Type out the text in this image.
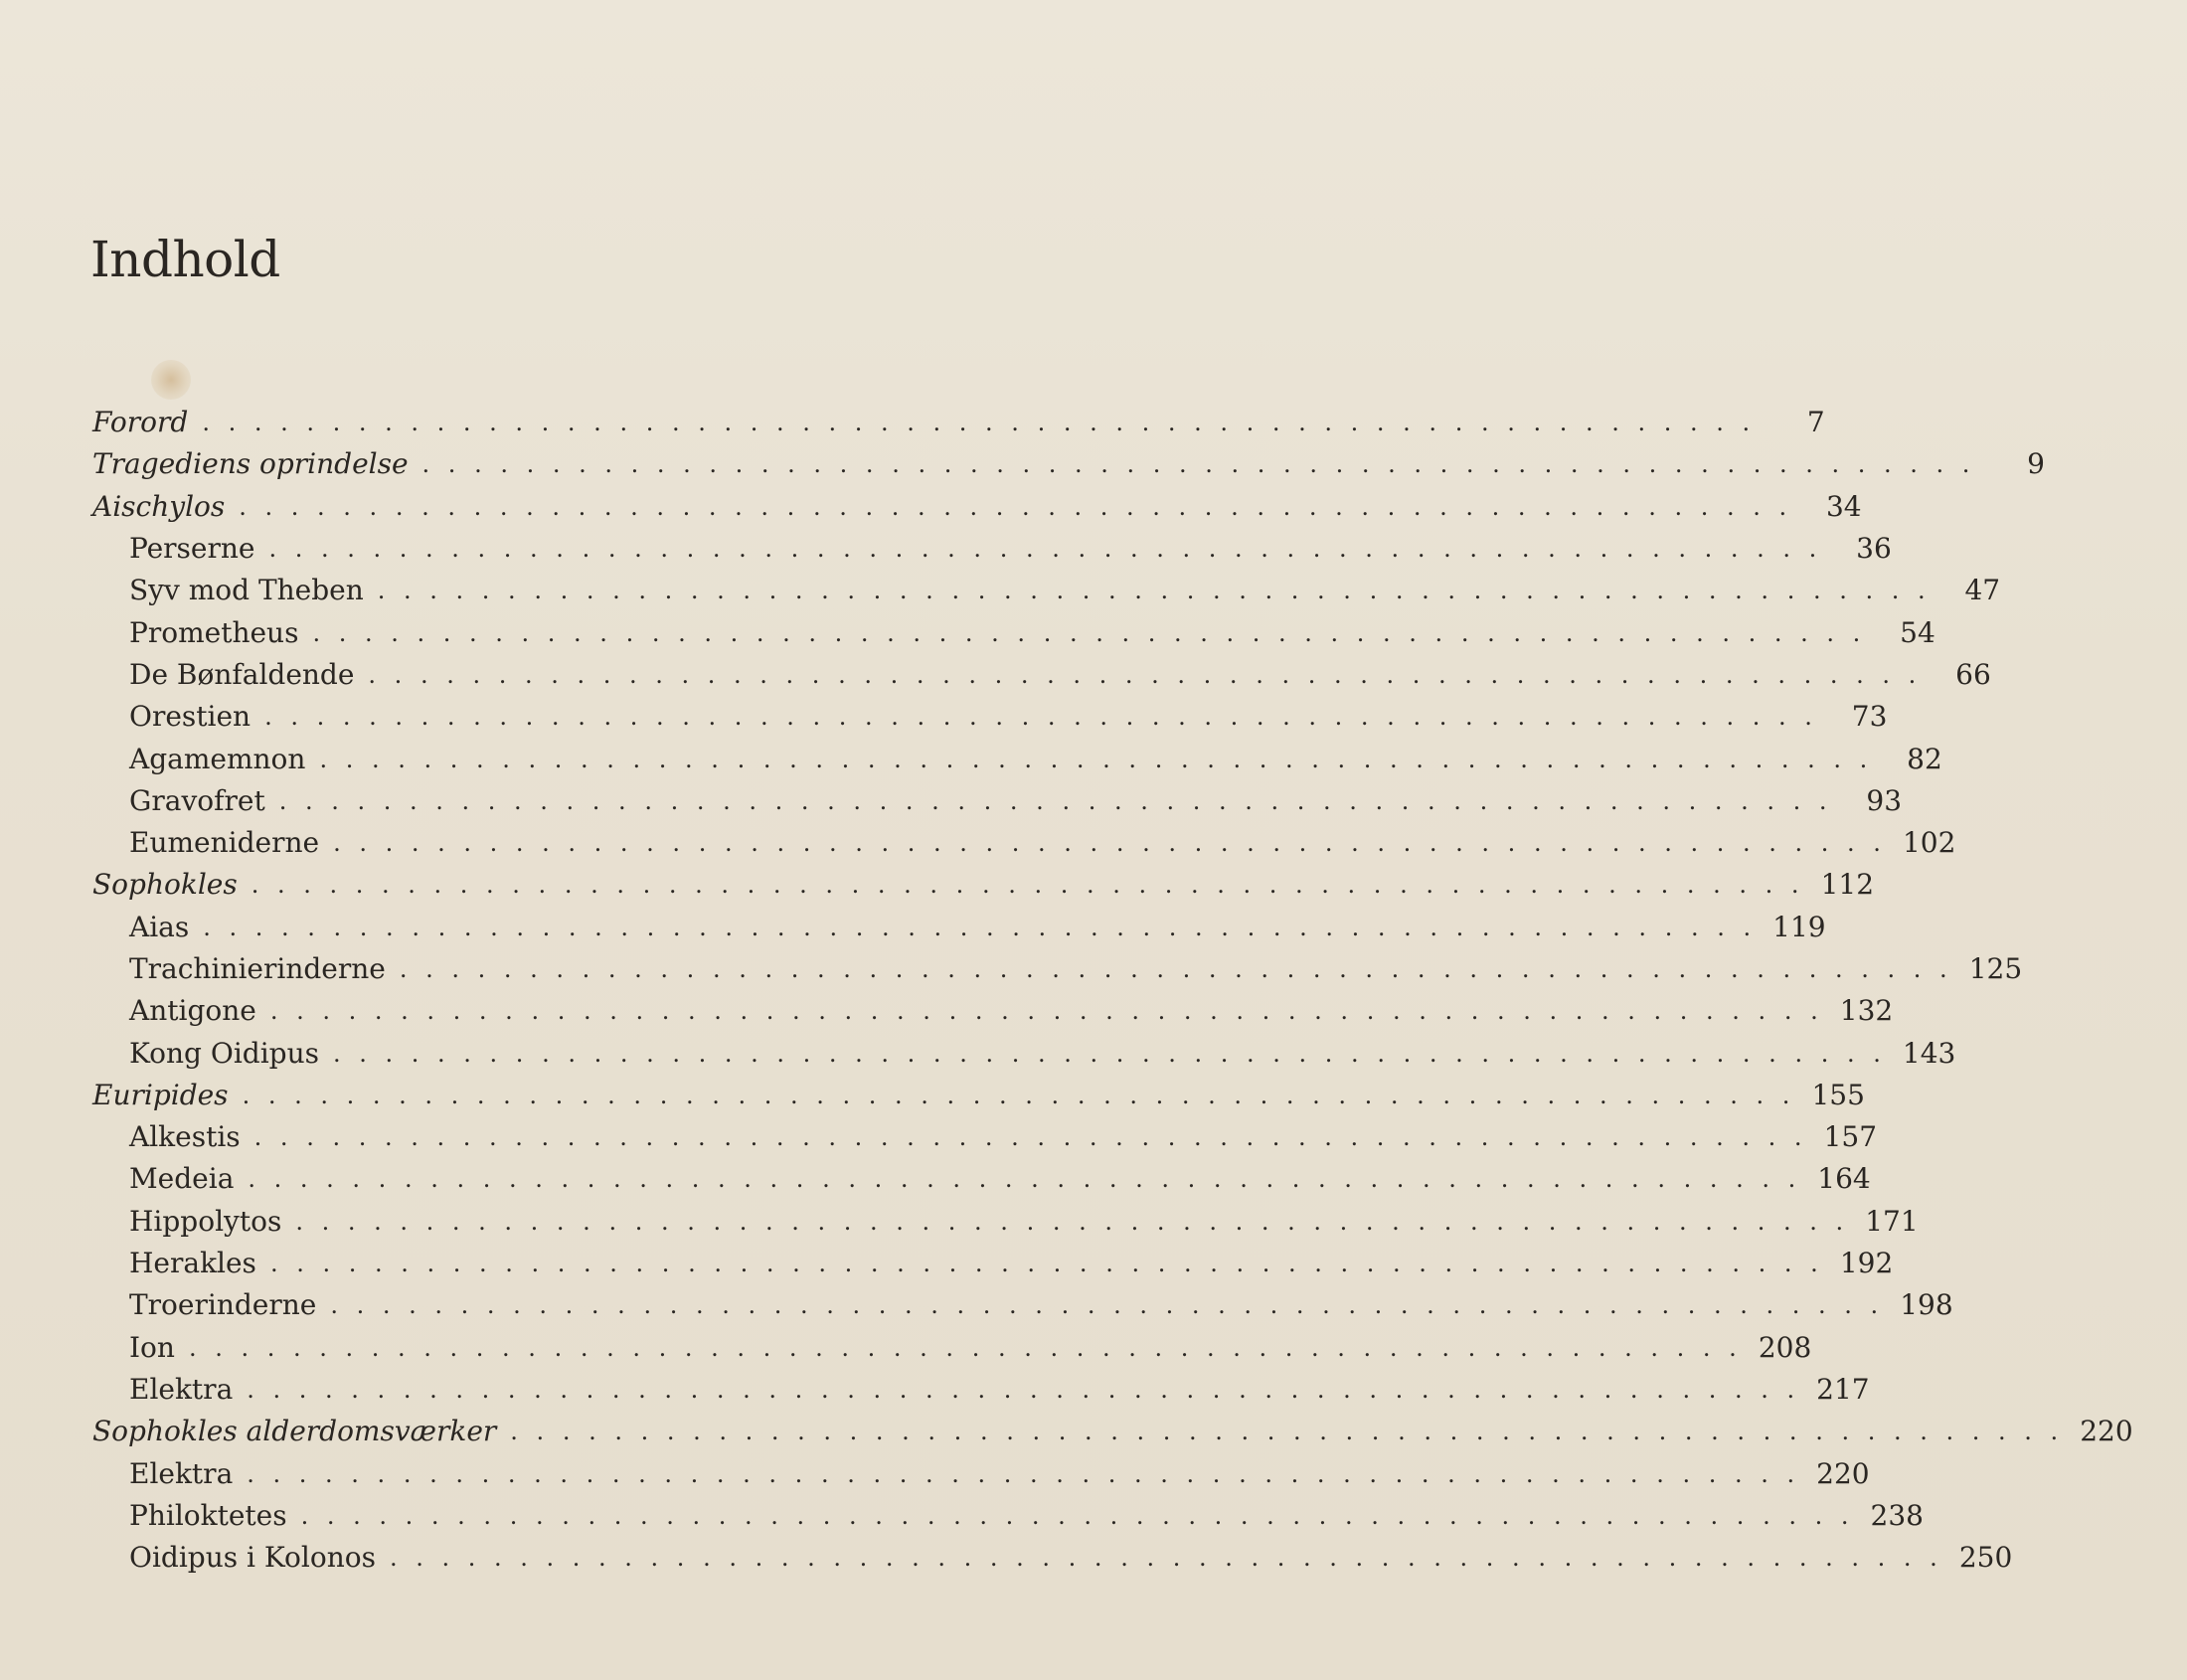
Indhold
Forord . . . . . . . . . . . . . . . . . . . . . . . . . . . . . . . . . . . . . . . . . . . . . . . . . . . . . . . . . . . .	7
Tragediens oprindelse . . . . . . . . . . . . . . . . . . . . . . . . . . . . . . . . . . . . . . . . . . . . . . . . . . . . . . . . . . . .	9
Aischylos . . . . . . . . . . . . . . . . . . . . . . . . . . . . . . . . . . . . . . . . . . . . . . . . . . . . . . . . . . . .	34
Perserne . . . . . . . . . . . . . . . . . . . . . . . . . . . . . . . . . . . . . . . . . . . . . . . . . . . . . . . . . . . .	36
Syv mod Theben . . . . . . . . . . . . . . . . . . . . . . . . . . . . . . . . . . . . . . . . . . . . . . . . . . . . . . . . . . . .	47
Prometheus . . . . . . . . . . . . . . . . . . . . . . . . . . . . . . . . . . . . . . . . . . . . . . . . . . . . . . . . . . . .	54
De Bønfaldende . . . . . . . . . . . . . . . . . . . . . . . . . . . . . . . . . . . . . . . . . . . . . . . . . . . . . . . . . . . .	66
Orestien . . . . . . . . . . . . . . . . . . . . . . . . . . . . . . . . . . . . . . . . . . . . . . . . . . . . . . . . . . . .	73
Agamemnon . . . . . . . . . . . . . . . . . . . . . . . . . . . . . . . . . . . . . . . . . . . . . . . . . . . . . . . . . . . .	82
Gravofret . . . . . . . . . . . . . . . . . . . . . . . . . . . . . . . . . . . . . . . . . . . . . . . . . . . . . . . . . . . .	93
Eumeniderne . . . . . . . . . . . . . . . . . . . . . . . . . . . . . . . . . . . . . . . . . . . . . . . . . . . . . . . . . . . . 102
Sophokles . . . . . . . . . . . . . . . . . . . . . . . . . . . . . . . . . . . . . . . . . . . . . . . . . . . . . . . . . . . . 112
Aias . . . . . . . . . . . . . . . . . . . . . . . . . . . . . . . . . . . . . . . . . . . . . . . . . . . . . . . . . . . . 119
Trachinierinderne . . . . . . . . . . . . . . . . . . . . . . . . . . . . . . . . . . . . . . . . . . . . . . . . . . . . . . . . . . . . 125
Antigone . . . . . . . . . . . . . . . . . . . . . . . . . . . . . . . . . . . . . . . . . . . . . . . . . . . . . . . . . . . . 132
Kong Oidipus . . . . . . . . . . . . . . . . . . . . . . . . . . . . . . . . . . . . . . . . . . . . . . . . . . . . . . . . . . . . 143
Euripides . . . . . . . . . . . . . . . . . . . . . . . . . . . . . . . . . . . . . . . . . . . . . . . . . . . . . . . . . . . . 155
Alkestis . . . . . . . . . . . . . . . . . . . . . . . . . . . . . . . . . . . . . . . . . . . . . . . . . . . . . . . . . . . . 157
Medeia . . . . . . . . . . . . . . . . . . . . . . . . . . . . . . . . . . . . . . . . . . . . . . . . . . . . . . . . . . . . 164
Hippolytos . . . . . . . . . . . . . . . . . . . . . . . . . . . . . . . . . . . . . . . . . . . . . . . . . . . . . . . . . . . . 171
Herakles . . . . . . . . . . . . . . . . . . . . . . . . . . . . . . . . . . . . . . . . . . . . . . . . . . . . . . . . . . . . 192
Troerinderne . . . . . . . . . . . . . . . . . . . . . . . . . . . . . . . . . . . . . . . . . . . . . . . . . . . . . . . . . . . . 198
Ion . . . . . . . . . . . . . . . . . . . . . . . . . . . . . . . . . . . . . . . . . . . . . . . . . . . . . . . . . . . . 208
Elektra . . . . . . . . . . . . . . . . . . . . . . . . . . . . . . . . . . . . . . . . . . . . . . . . . . . . . . . . . . . . 217
Sophokles alderdomsværker . . . . . . . . . . . . . . . . . . . . . . . . . . . . . . . . . . . . . . . . . . . . . . . . . . . . . . . . . . . . 220
Elektra . . . . . . . . . . . . . . . . . . . . . . . . . . . . . . . . . . . . . . . . . . . . . . . . . . . . . . . . . . . . 220
Philoktetes . . . . . . . . . . . . . . . . . . . . . . . . . . . . . . . . . . . . . . . . . . . . . . . . . . . . . . . . . . . . 238
Oidipus i Kolonos . . . . . . . . . . . . . . . . . . . . . . . . . . . . . . . . . . . . . . . . . . . . . . . . . . . . . . . . . . . . 250
